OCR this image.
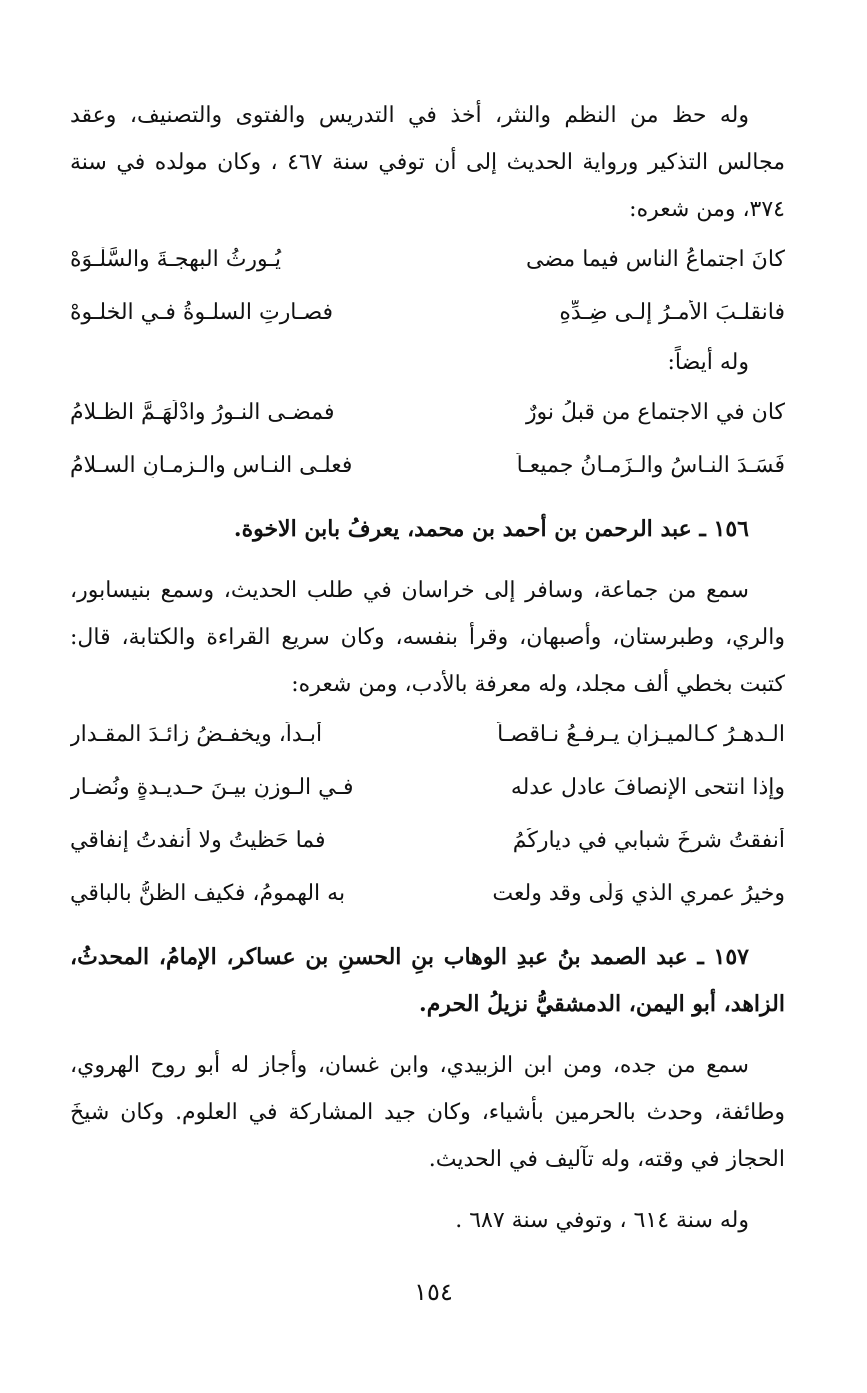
وله حظ من النظم والنثر، أخذ في التدريس والفتوى والتصنيف، وعقد مجالس التذكير ورواية الحديث إلى أن توفي سنة ٤٦٧ ، وكان مولده في سنة ٣٧٤، ومن شعره:

كانَ اجتماعُ الناس فيما مضى
يُـورِثُ البهجـةَ والسَّلْـوَهْ
فانقلـبَ الأمـرُ إلـى ضِـدِّهِ
فصـارتِ السلـوةُ فـي الخلـوهْ

وله أيضاً:

كان في الاجتماع من قبلُ نورٌ
فمضـى النـورُ وادْلَهَـمَّ الظـلامُ
فَسَـدَ النـاسُ والـزَمـانُ جميعـاً
فعلـى النـاسِ والـزمـانِ السـلامُ

١٥٦ ـ عبد الرحمن بن أحمد بن محمد، يعرفُ بابن الاخوة.

سمع من جماعة، وسافر إلى خراسان في طلب الحديث، وسمع بنيسابور، والري، وطبرستان، وأصبهان، وقرأ بنفسه، وكان سريع القراءة والكتابة، قال: كتبت بخطي ألف مجلد، وله معرفة بالأدب، ومن شعره:

الـدهـرُ كـالميـزانِ يـرفـعُ نـاقصـاً
أبـداً، ويخفـضُ زائـدَ المقـدارِ
وإذا انتحى الإنصافَ عادل عدله
فـي الـوزنِ بيـنَ حـديـدةٍ ونُضـار
أنفقتُ شرخَ شبابي في ديارِكُمُ
فما حَظيتُ ولا أنفدتُ إنفاقي
وخيرُ عمري الذي وَلّى وقد ولعت
به الهمومُ، فكيف الظنُّ بالباقي

١٥٧ ـ عبد الصمد بنُ عبدِ الوهاب بنِ الحسنِ بن عساكر، الإمامُ، المحدثُ، الزاهد، أبو اليمن، الدمشقيُّ نزيلُ الحرم.

سمع من جده، ومن ابن الزبيدي، وابن غسان، وأجاز له أبو روح الهروي، وطائفة، وحدث بالحرمين بأشياء، وكان جيد المشاركة في العلوم. وكان شيخَ الحجاز في وقته، وله تآليف في الحديث.

وله سنة ٦١٤ ، وتوفي سنة ٦٨٧ .

١٥٤
